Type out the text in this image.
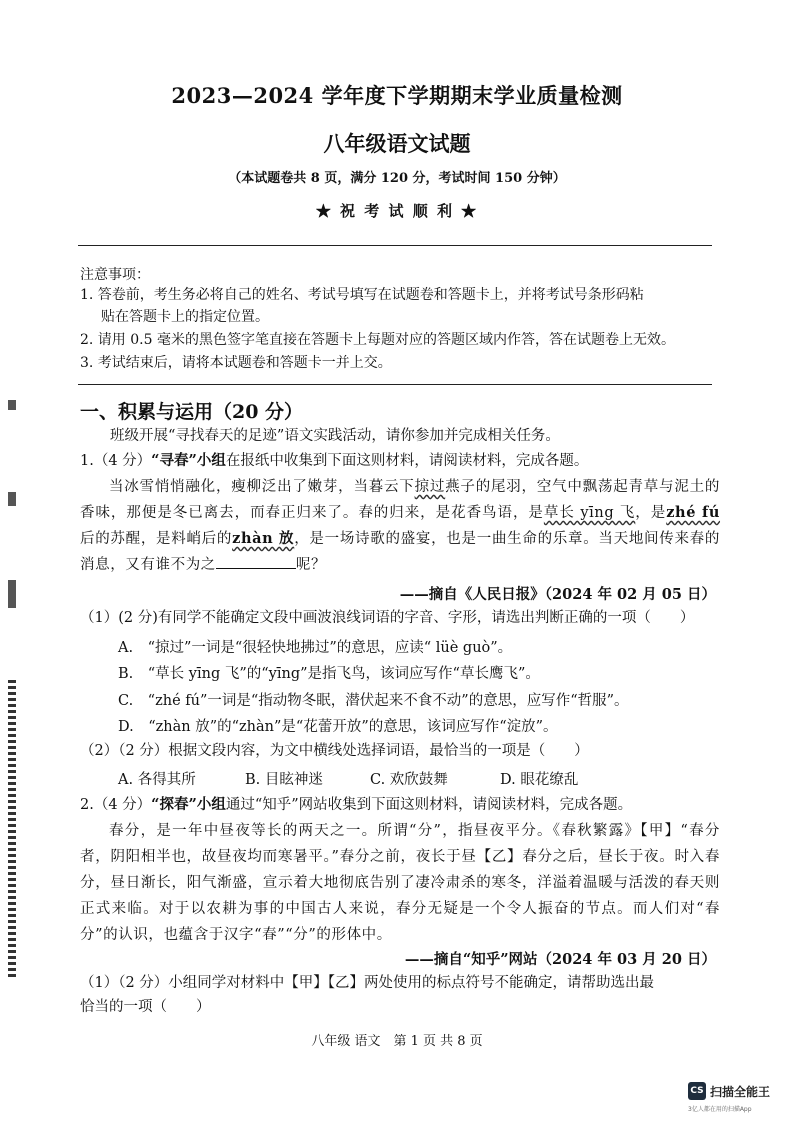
2023—2024 学年度下学期期末学业质量检测
八年级语文试题
（本试题卷共 8 页，满分 120 分，考试时间 150 分钟）
★ 祝 考 试 顺 利 ★
注意事项：
1. 答卷前，考生务必将自己的姓名、考试号填写在试题卷和答题卡上，并将考试号条形码粘
贴在答题卡上的指定位置。
2. 请用 0.5 毫米的黑色签字笔直接在答题卡上每题对应的答题区域内作答，答在试题卷上无效。
3. 考试结束后，请将本试题卷和答题卡一并上交。
一、积累与运用（20 分）
班级开展“寻找春天的足迹”语文实践活动，请你参加并完成相关任务。
1.（4 分）“寻春”小组在报纸中收集到下面这则材料，请阅读材料，完成各题。
当冰雪悄悄融化，瘦柳泛出了嫩芽，当暮云下掠过燕子的尾羽，空气中飘荡起青草与泥土的香味，那便是冬已离去，而春正归来了。春的归来，是花香鸟语，是草长 yīng 飞，是zhé fú后的苏醒，是料峭后的zhàn 放，是一场诗歌的盛宴，也是一曲生命的乐章。当天地间传来春的消息，又有谁不为之	呢？
——摘自《人民日报》（2024 年 02 月 05 日）
（1）(2 分)有同学不能确定文段中画波浪线词语的字音、字形，请选出判断正确的一项（　　）
A.　“掠过”一词是“很轻快地拂过”的意思，应读“ lüè guò”。
B.　“草长 yīng 飞”的“yīng”是指飞鸟，该词应写作“草长鹰飞”。
C.　“zhé fú”一词是“指动物冬眠，潜伏起来不食不动”的意思，应写作“哲服”。
D.　“zhàn 放”的“zhàn”是“花蕾开放”的意思，该词应写作“淀放”。
（2）（2 分）根据文段内容，为文中横线处选择词语，最恰当的一项是（　　）
A. 各得其所	B. 目眩神迷	C. 欢欣鼓舞	D. 眼花缭乱
2.（4 分）“探春”小组通过“知乎”网站收集到下面这则材料，请阅读材料，完成各题。
春分，是一年中昼夜等长的两天之一。所谓“分”，指昼夜平分。《春秋繁露》【甲】“春分者，阴阳相半也，故昼夜均而寒暑平。”春分之前，夜长于昼【乙】春分之后，昼长于夜。时入春分，昼日渐长，阳气渐盛，宣示着大地彻底告别了凄冷肃杀的寒冬，洋溢着温暖与活泼的春天则正式来临。对于以农耕为事的中国古人来说，春分无疑是一个令人振奋的节点。而人们对“春分”的认识，也蕴含于汉字“春”“分”的形体中。
——摘自“知乎”网站（2024 年 03 月 20 日）
（1）（2 分）小组同学对材料中【甲】【乙】两处使用的标点符号不能确定，请帮助选出最
恰当的一项（　　）
八年级 语文　第 1 页 共 8 页
CS 扫描全能王
3亿人都在用的扫描App
